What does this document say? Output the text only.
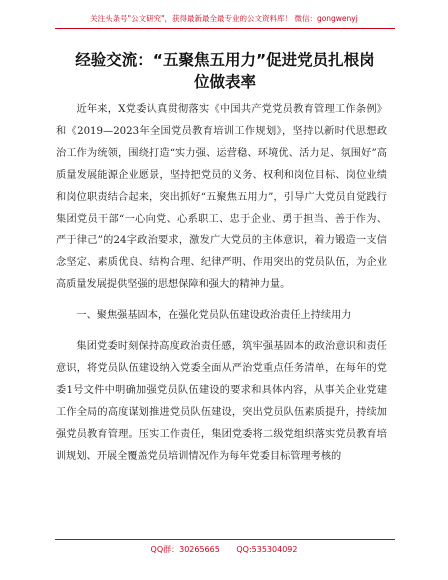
关注头条号"公文研究"，获得最新最全最专业的公文资料库！ 微信：gongwenyj
经验交流：“五聚焦五用力”促进党员扎根岗
位做表率

近年来，X党委认真贯彻落实《中国共产党党员教育管理工作条例》和《2019—2023年全国党员教育培训工作规划》，坚持以新时代思想政治工作为统领，围绕打造“实力强、运营稳、环境优、活力足、氛围好”高质量发展能源企业愿景，坚持把党员的义务、权利和岗位目标、岗位业绩和岗位职责结合起来，突出抓好“五聚焦五用力”，引导广大党员自觉践行集团党员干部“一心向党、心系职工、忠于企业、勇于担当、善于作为、严于律己”的24字政治要求，激发广大党员的主体意识，着力锻造一支信念坚定、素质优良、结构合理、纪律严明、作用突出的党员队伍，为企业高质量发展提供坚强的思想保障和强大的精神力量。

一、聚焦强基固本，在强化党员队伍建设政治责任上持续用力

集团党委时刻保持高度政治责任感，筑牢强基固本的政治意识和责任意识，将党员队伍建设纳入党委全面从严治党重点任务清单，在每年的党委1号文件中明确加强党员队伍建设的要求和具体内容，从事关企业党建工作全局的高度谋划推进党员队伍建设，突出党员队伍素质提升，持续加强党员教育管理。压实工作责任，集团党委将二级党组织落实党员教育培训规划、开展全覆盖党员培训情况作为每年党委目标管理考核的

QQ群：30265665 QQ:535304092
